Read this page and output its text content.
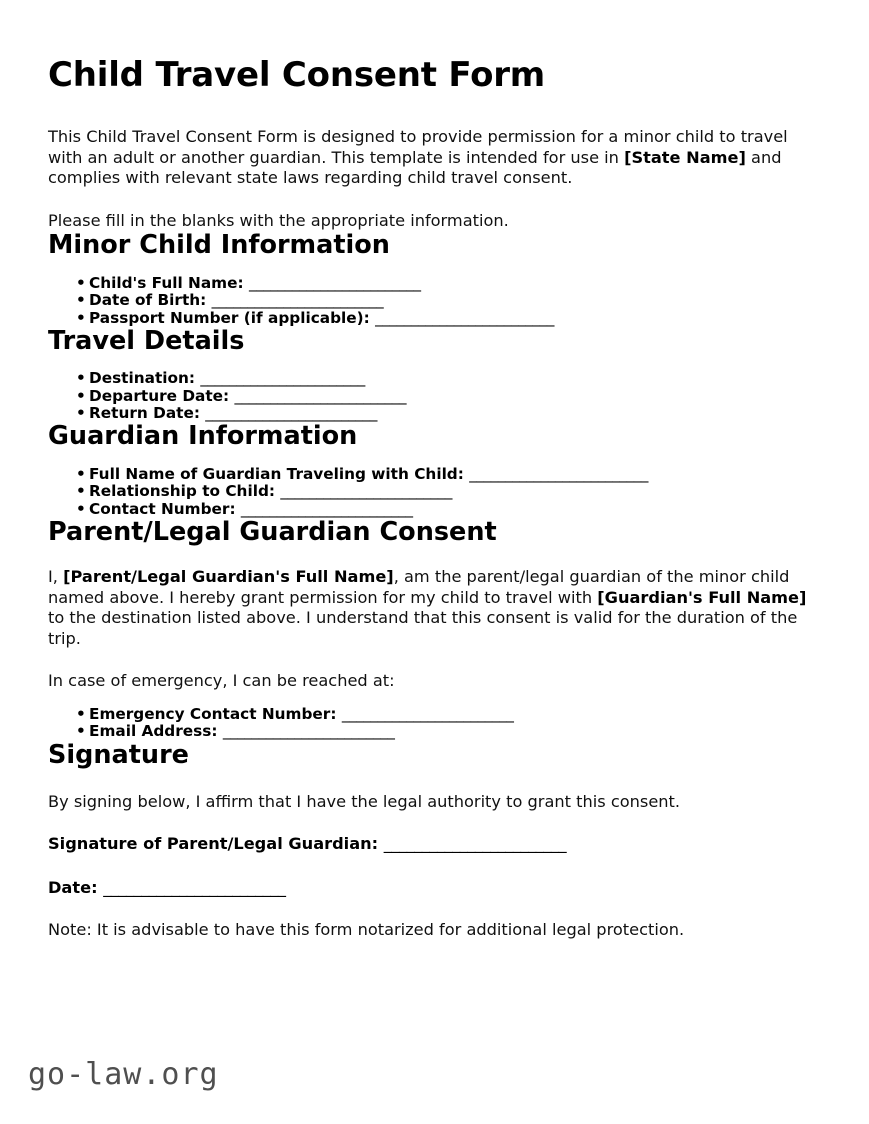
Child Travel Consent Form

This Child Travel Consent Form is designed to provide permission for a minor child to travel with an adult or another guardian. This template is intended for use in [State Name] and complies with relevant state laws regarding child travel consent.

Please fill in the blanks with the appropriate information.

Minor Child Information
• Child's Full Name: ________________________
• Date of Birth: ________________________
• Passport Number (if applicable): _________________________
Travel Details
• Destination: _______________________
• Departure Date: ________________________
• Return Date: ________________________
Guardian Information
• Full Name of Guardian Traveling with Child: _________________________
• Relationship to Child: ________________________
• Contact Number: ________________________
Parent/Legal Guardian Consent

I, [Parent/Legal Guardian's Full Name], am the parent/legal guardian of the minor child named above. I hereby grant permission for my child to travel with [Guardian's Full Name] to the destination listed above. I understand that this consent is valid for the duration of the trip.

In case of emergency, I can be reached at:

• Emergency Contact Number: ________________________
• Email Address: ________________________
Signature

By signing below, I affirm that I have the legal authority to grant this consent.

Signature of Parent/Legal Guardian: ________________________

Date: ________________________

Note: It is advisable to have this form notarized for additional legal protection.

go-law.org
